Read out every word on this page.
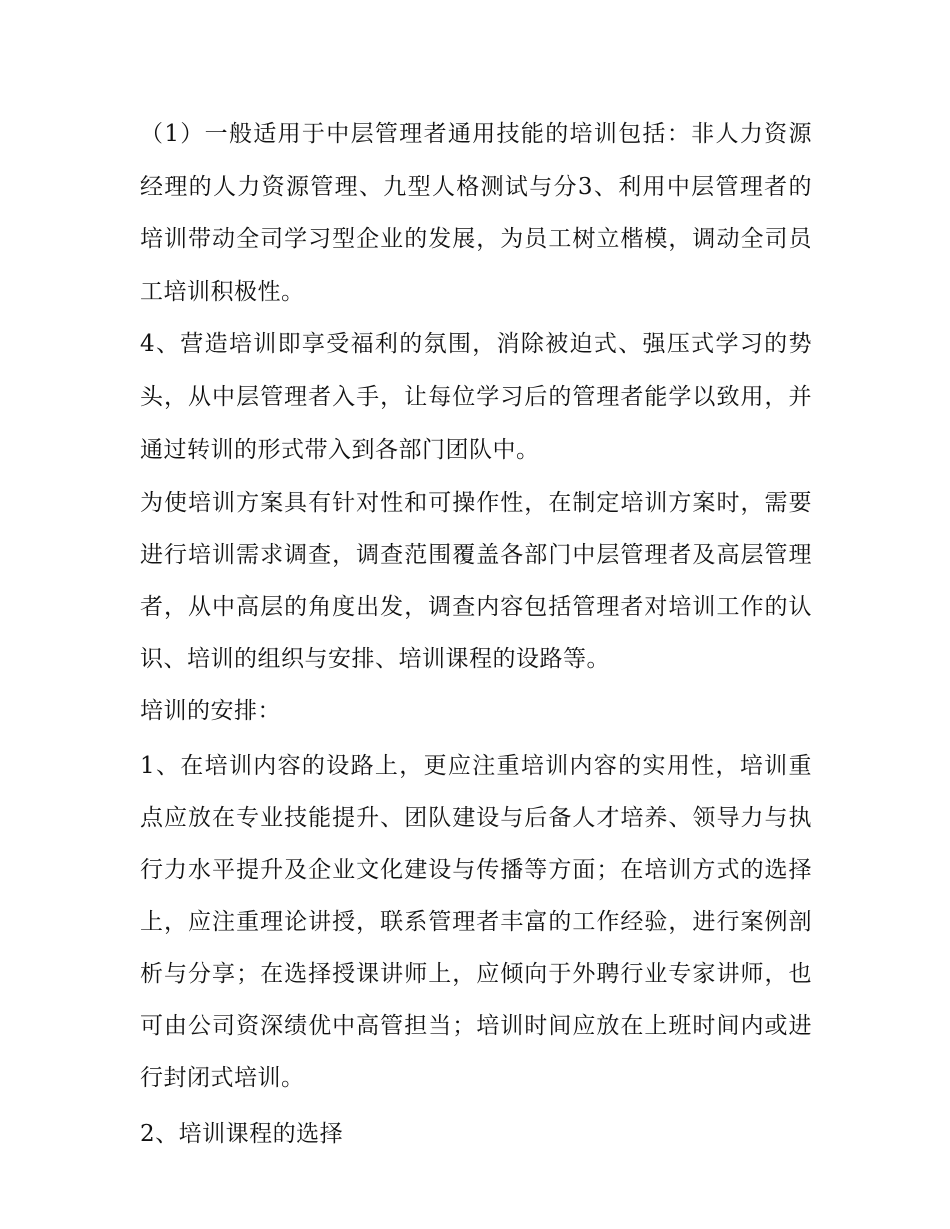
（1）一般适用于中层管理者通用技能的培训包括：非人力资源经理的人力资源管理、九型人格测试与分3、利用中层管理者的培训带动全司学习型企业的发展，为员工树立楷模，调动全司员工培训积极性。

4、营造培训即享受福利的氛围，消除被迫式、强压式学习的势头，从中层管理者入手，让每位学习后的管理者能学以致用，并通过转训的形式带入到各部门团队中。

为使培训方案具有针对性和可操作性，在制定培训方案时，需要进行培训需求调查，调查范围覆盖各部门中层管理者及高层管理者，从中高层的角度出发，调查内容包括管理者对培训工作的认识、培训的组织与安排、培训课程的设路等。

培训的安排：

1、在培训内容的设路上，更应注重培训内容的实用性，培训重点应放在专业技能提升、团队建设与后备人才培养、领导力与执行力水平提升及企业文化建设与传播等方面；在培训方式的选择上，应注重理论讲授，联系管理者丰富的工作经验，进行案例剖析与分享；在选择授课讲师上，应倾向于外聘行业专家讲师，也可由公司资深绩优中高管担当；培训时间应放在上班时间内或进行封闭式培训。

2、培训课程的选择
